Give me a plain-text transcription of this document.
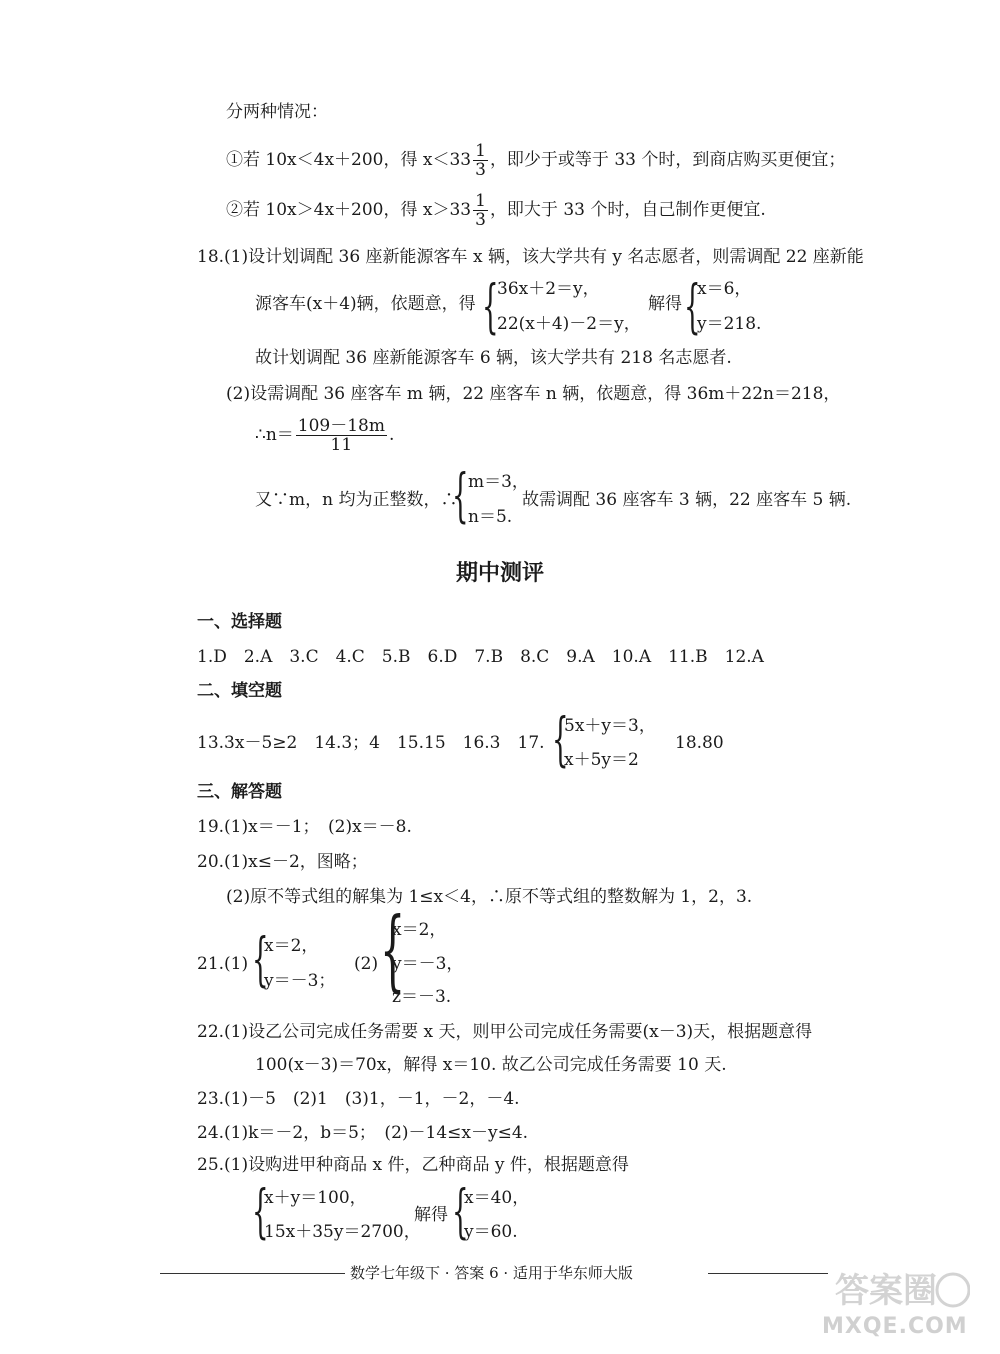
分两种情况：
①若 10x＜4x＋200，得 $x<33 \frac{1}{3}$ ，即少于或等于 33 个时，到商店购买更便宜；
②若 10x＞4x＋200，得 $x>33 \frac{1}{3}$ ，即大于 33 个时，自己制作更便宜.
18.(1)设计划调配 36 座新能源客车 x 辆，该大学共有 y 名志愿者，则需调配 22 座新能
源客车(x＋4)辆，依题意，得 {
36x＋2＝y，
22(x＋4)－2＝y，
解得 {
x＝6，
y＝218.
故计划调配 36 座新能源客车 6 辆，该大学共有 218 名志愿者.
(2)设需调配 36 座客车 m 辆，22 座客车 n 辆，依题意，得 36m＋22n＝218，
∴n＝ $\frac{109-18m}{11}$ .
又∵m，n 均为正整数，∴
{ m＝3，
n＝5.
故需调配 36 座客车 3 辆，22 座客车 5 辆.
期中测评
一、选择题
1.D　2.A　3.C　4.C　5.B　6.D　7.B　8.C　9.A　10.A　11.B　12.A
二、填空题
13.3x－5≥2　14.3；4　15.15　16.3　17. {
5x＋y＝3，
x＋5y＝2
18.80
三、解答题
19.(1)x＝－1；　(2)x＝－8.
20.(1)x≤－2，图略；
(2)原不等式组的解集为 1≤x＜4，∴原不等式组的整数解为 1，2，3.
21.(1) {
x＝2，
y＝－3；
(2) {
x＝2，
y＝－3，
z＝－3.
22.(1)设乙公司完成任务需要 x 天，则甲公司完成任务需要(x－3)天，根据题意得
100(x－3)＝70x，解得 x＝10. 故乙公司完成任务需要 10 天.
23.(1)－5　(2)1　(3)1，－1，－2，－4.
24.(1)k＝－2，b＝5；　(2)－14≤x－y≤4.
25.(1)设购进甲种商品 x 件，乙种商品 y 件，根据题意得
{
x＋y＝100，
15x＋35y＝2700，
解得 {
x＝40，
y＝60.
数学七年级下 · 答案 6 · 适用于华东师大版	答案圈
MXQE.COM
